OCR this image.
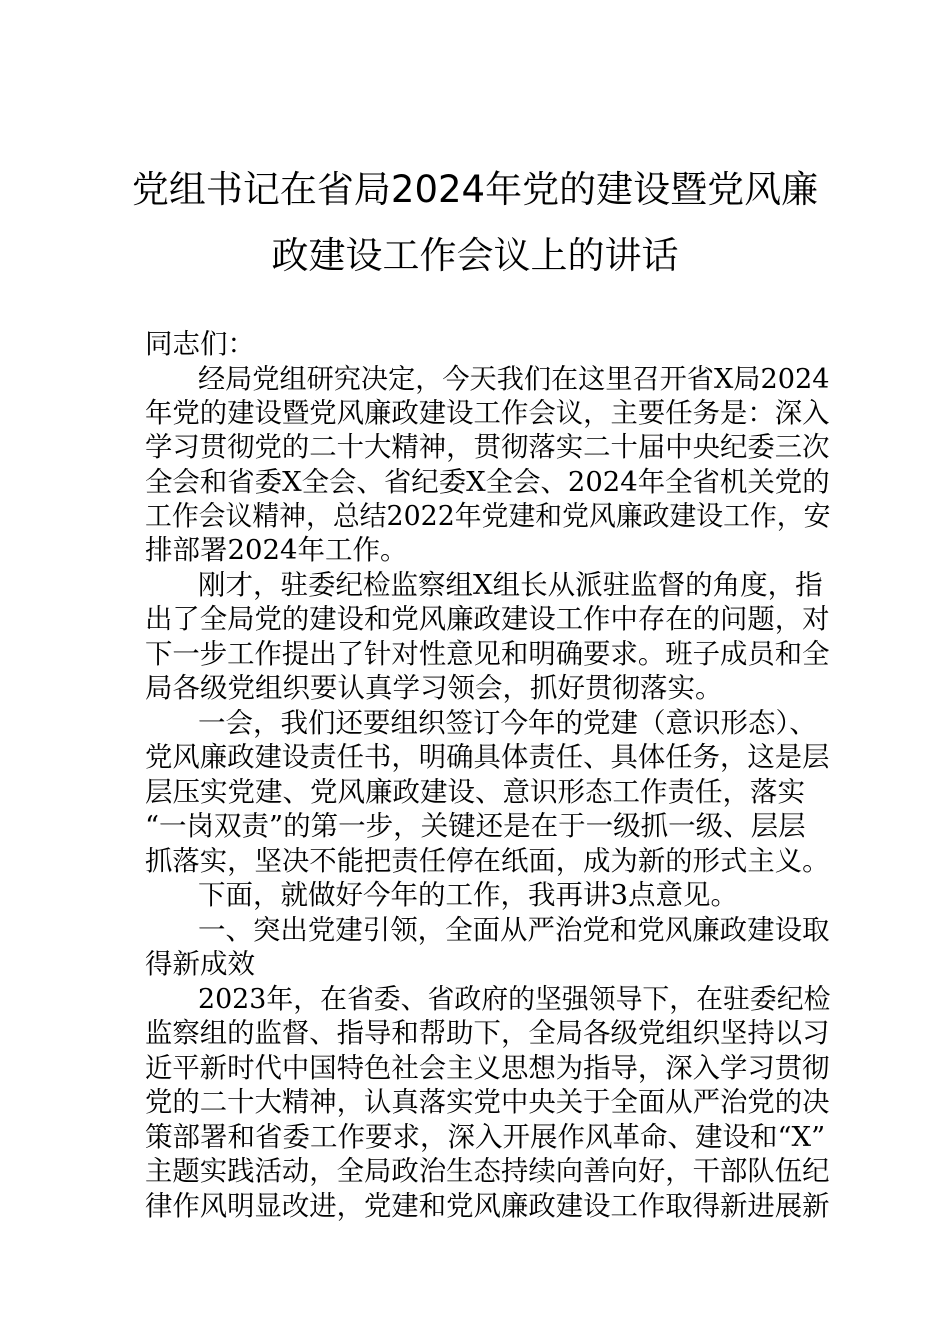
党组书记在省局2024年党的建设暨党风廉
政建设工作会议上的讲话
同志们：
经局党组研究决定，今天我们在这里召开省X局2024
年党的建设暨党风廉政建设工作会议，主要任务是：深入
学习贯彻党的二十大精神，贯彻落实二十届中央纪委三次
全会和省委X全会、省纪委X全会、2024年全省机关党的
工作会议精神，总结2022年党建和党风廉政建设工作，安
排部署2024年工作。
刚才，驻委纪检监察组X组长从派驻监督的角度，指
出了全局党的建设和党风廉政建设工作中存在的问题，对
下一步工作提出了针对性意见和明确要求。班子成员和全
局各级党组织要认真学习领会，抓好贯彻落实。
一会，我们还要组织签订今年的党建（意识形态）、
党风廉政建设责任书，明确具体责任、具体任务，这是层
层压实党建、党风廉政建设、意识形态工作责任，落实
“一岗双责”的第一步，关键还是在于一级抓一级、层层
抓落实，坚决不能把责任停在纸面，成为新的形式主义。
下面，就做好今年的工作，我再讲3点意见。
一、突出党建引领，全面从严治党和党风廉政建设取
得新成效
2023年，在省委、省政府的坚强领导下，在驻委纪检
监察组的监督、指导和帮助下，全局各级党组织坚持以习
近平新时代中国特色社会主义思想为指导，深入学习贯彻
党的二十大精神，认真落实党中央关于全面从严治党的决
策部署和省委工作要求，深入开展作风革命、建设和“X”
主题实践活动，全局政治生态持续向善向好，干部队伍纪
律作风明显改进，党建和党风廉政建设工作取得新进展新
